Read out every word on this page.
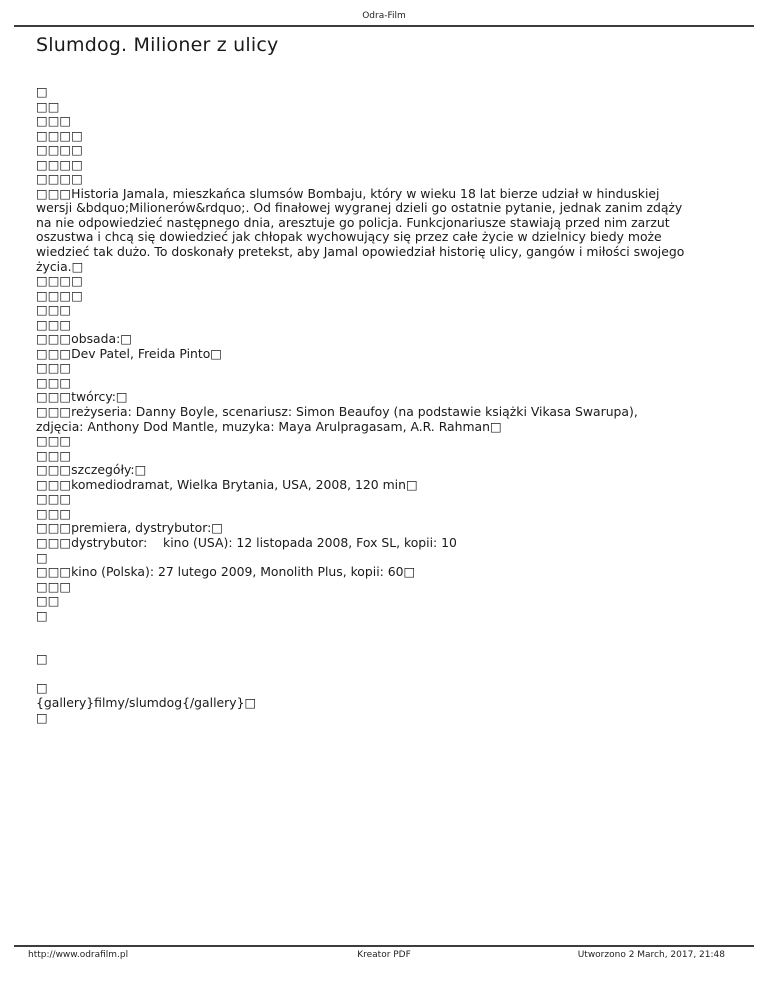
Odra-Film
Slumdog. Milioner z ulicy
□
□□
□□□
□□□□
□□□□
□□□□
□□□□
□□□Historia Jamala, mieszkańca slumsów Bombaju, który w wieku 18 lat bierze udział w hinduskiej
wersji &bdquo;Milionerów&rdquo;. Od finałowej wygranej dzieli go ostatnie pytanie, jednak zanim zdąży
na nie odpowiedzieć następnego dnia, aresztuje go policja. Funkcjonariusze stawiają przed nim zarzut
oszustwa i chcą się dowiedzieć jak chłopak wychowujący się przez całe życie w dzielnicy biedy może
wiedzieć tak dużo. To doskonały pretekst, aby Jamal opowiedział historię ulicy, gangów i miłości swojego
życia.□
□□□□
□□□□
□□□
□□□
□□□obsada:□
□□□Dev Patel, Freida Pinto□
□□□
□□□
□□□twórcy:□
□□□reżyseria: Danny Boyle, scenariusz: Simon Beaufoy (na podstawie książki Vikasa Swarupa),
zdjęcia: Anthony Dod Mantle, muzyka: Maya Arulpragasam, A.R. Rahman□
□□□
□□□
□□□szczegóły:□
□□□komediodramat, Wielka Brytania, USA, 2008, 120 min□
□□□
□□□
□□□premiera, dystrybutor:□
□□□dystrybutor:    kino (USA): 12 listopada 2008, Fox SL, kopii: 10
□
□□□kino (Polska): 27 lutego 2009, Monolith Plus, kopii: 60□
□□□
□□
□
□
□
{gallery}filmy/slumdog{/gallery}□
□
http://www.odrafilm.pl	Kreator PDF	Utworzono 2 March, 2017, 21:48
